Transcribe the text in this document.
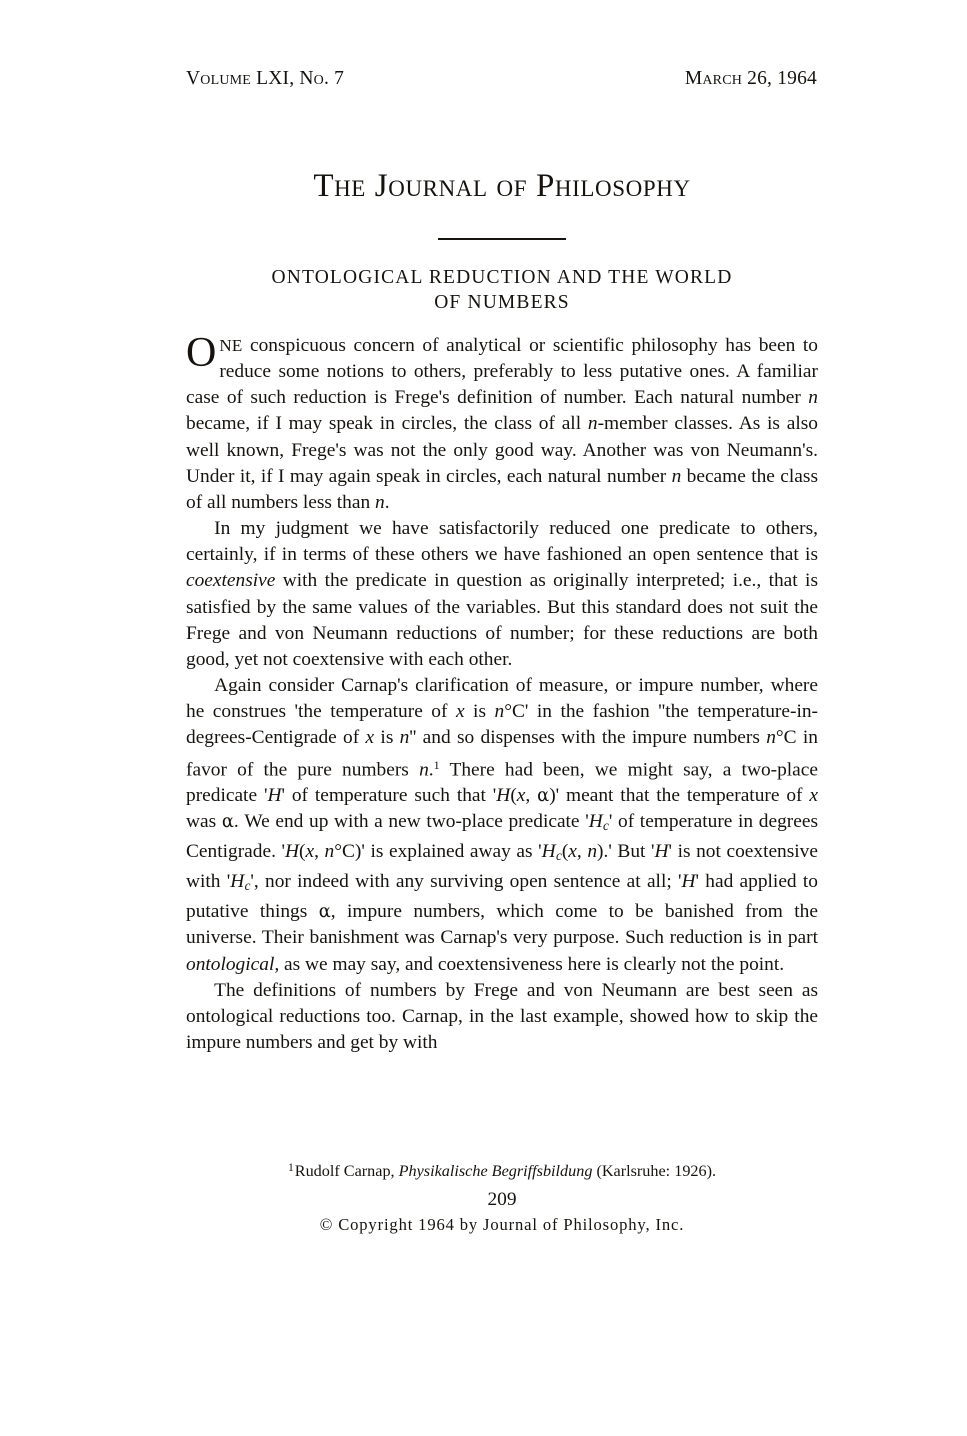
Volume LXI, No. 7	March 26, 1964
The Journal of Philosophy
ONTOLOGICAL REDUCTION AND THE WORLD
OF NUMBERS

ONE conspicuous concern of analytical or scientific philosophy has been to reduce some notions to others, preferably to less putative ones. A familiar case of such reduction is Frege's definition of number. Each natural number n became, if I may speak in circles, the class of all n-member classes. As is also well known, Frege's was not the only good way. Another was von Neumann's. Under it, if I may again speak in circles, each natural number n became the class of all numbers less than n.

In my judgment we have satisfactorily reduced one predicate to others, certainly, if in terms of these others we have fashioned an open sentence that is coextensive with the predicate in question as originally interpreted; i.e., that is satisfied by the same values of the variables. But this standard does not suit the Frege and von Neumann reductions of number; for these reductions are both good, yet not coextensive with each other.

Again consider Carnap's clarification of measure, or impure number, where he construes 'the temperature of x is n°C' in the fashion ''the temperature-in-degrees-Centigrade of x is n'' and so dispenses with the impure numbers n°C in favor of the pure numbers n.$^1$ There had been, we might say, a two-place predicate 'H' of temperature such that 'H(x, α)' meant that the temperature of x was α. We end up with a new two-place predicate '$H_c$' of temperature in degrees Centigrade. 'H(x, n°C)' is explained away as '$H_c(x$, n).' But 'H' is not coextensive with '$H_c$', nor indeed with any surviving open sentence at all; 'H' had applied to putative things α, impure numbers, which come to be banished from the universe. Their banishment was Carnap's very purpose. Such reduction is in part ontological, as we may say, and coextensiveness here is clearly not the point.

The definitions of numbers by Frege and von Neumann are best seen as ontological reductions too. Carnap, in the last example, showed how to skip the impure numbers and get by with

$^1$Rudolf Carnap, Physikalische Begriffsbildung (Karlsruhe: 1926).
209
© Copyright 1964 by Journal of Philosophy, Inc.
